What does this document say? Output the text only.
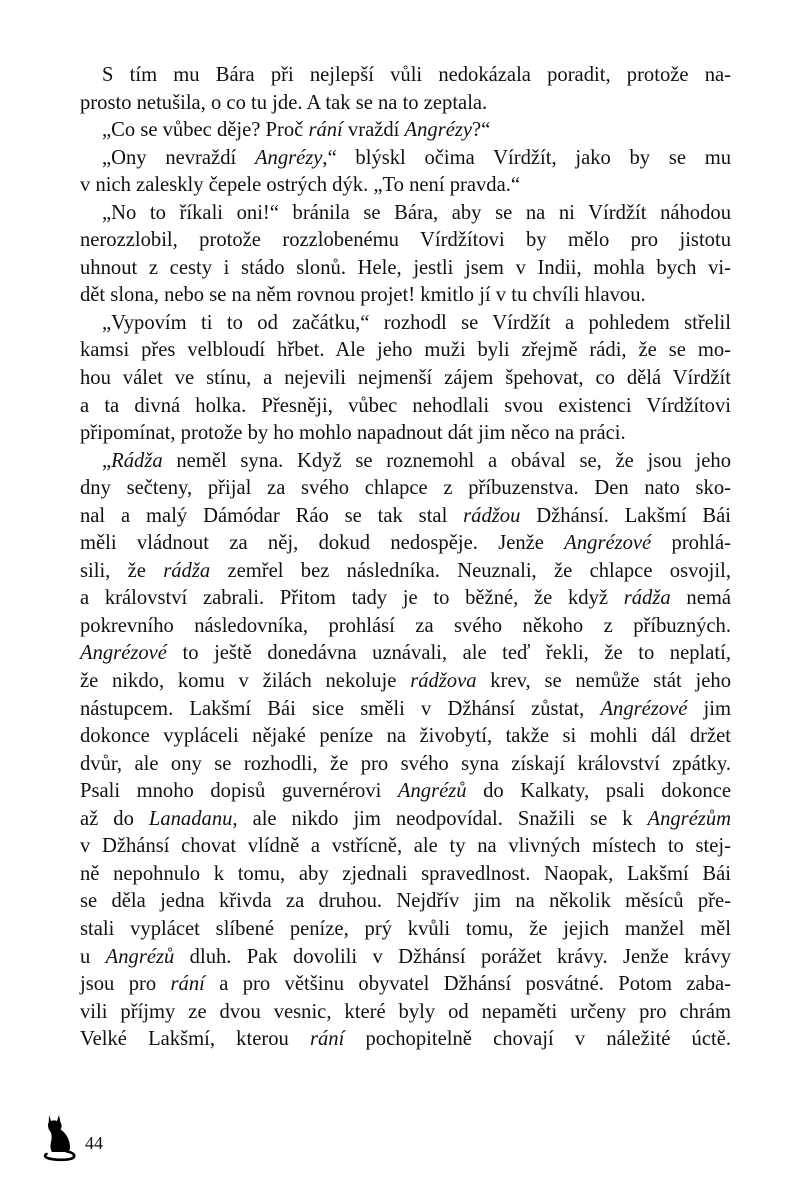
S tím mu Bára při nejlepší vůli nedokázala poradit, protože na-
prosto netušila, o co tu jde. A tak se na to zeptala.
„Co se vůbec děje? Proč rání vraždí Angrézy?“
„Ony nevraždí Angrézy,“ blýskl očima Vírdžít, jako by se mu
v nich zaleskly čepele ostrých dýk. „To není pravda.“
„No to říkali oni!“ bránila se Bára, aby se na ni Vírdžít náhodou
nerozzlobil, protože rozzlobenému Vírdžítovi by mělo pro jistotu
uhnout z cesty i stádo slonů. Hele, jestli jsem v Indii, mohla bych vi-
dět slona, nebo se na něm rovnou projet! kmitlo jí v tu chvíli hlavou.
„Vypovím ti to od začátku,“ rozhodl se Vírdžít a pohledem střelil
kamsi přes velbloudí hřbet. Ale jeho muži byli zřejmě rádi, že se mo-
hou válet ve stínu, a nejevili nejmenší zájem špehovat, co dělá Vírdžít
a ta divná holka. Přesněji, vůbec nehodlali svou existenci Vírdžítovi
připomínat, protože by ho mohlo napadnout dát jim něco na práci.
„Rádža neměl syna. Když se roznemohl a obával se, že jsou jeho
dny sečteny, přijal za svého chlapce z příbuzenstva. Den nato sko-
nal a malý Dámódar Ráo se tak stal rádžou Džhánsí. Lakšmí Bái
měli vládnout za něj, dokud nedospěje. Jenže Angrézové prohlá-
sili, že rádža zemřel bez následníka. Neuznali, že chlapce osvojil,
a království zabrali. Přitom tady je to běžné, že když rádža nemá
pokrevního následovníka, prohlásí za svého někoho z příbuzných.
Angrézové to ještě donedávna uznávali, ale teď řekli, že to neplatí,
že nikdo, komu v žilách nekoluje rádžova krev, se nemůže stát jeho
nástupcem. Lakšmí Bái sice směli v Džhánsí zůstat, Angrézové jim
dokonce vypláceli nějaké peníze na živobytí, takže si mohli dál držet
dvůr, ale ony se rozhodli, že pro svého syna získají království zpátky.
Psali mnoho dopisů guvernérovi Angrézů do Kalkaty, psali dokonce
až do Lanadanu, ale nikdo jim neodpovídal. Snažili se k Angrézům
v Džhánsí chovat vlídně a vstřícně, ale ty na vlivných místech to stej-
ně nepohnulo k tomu, aby zjednali spravedlnost. Naopak, Lakšmí Bái
se děla jedna křivda za druhou. Nejdřív jim na několik měsíců pře-
stali vyplácet slíbené peníze, prý kvůli tomu, že jejich manžel měl
u Angrézů dluh. Pak dovolili v Džhánsí porážet krávy. Jenže krávy
jsou pro rání a pro většinu obyvatel Džhánsí posvátné. Potom zaba-
vili příjmy ze dvou vesnic, které byly od nepaměti určeny pro chrám
Velké Lakšmí, kterou rání pochopitelně chovají v náležité úctě.
44
